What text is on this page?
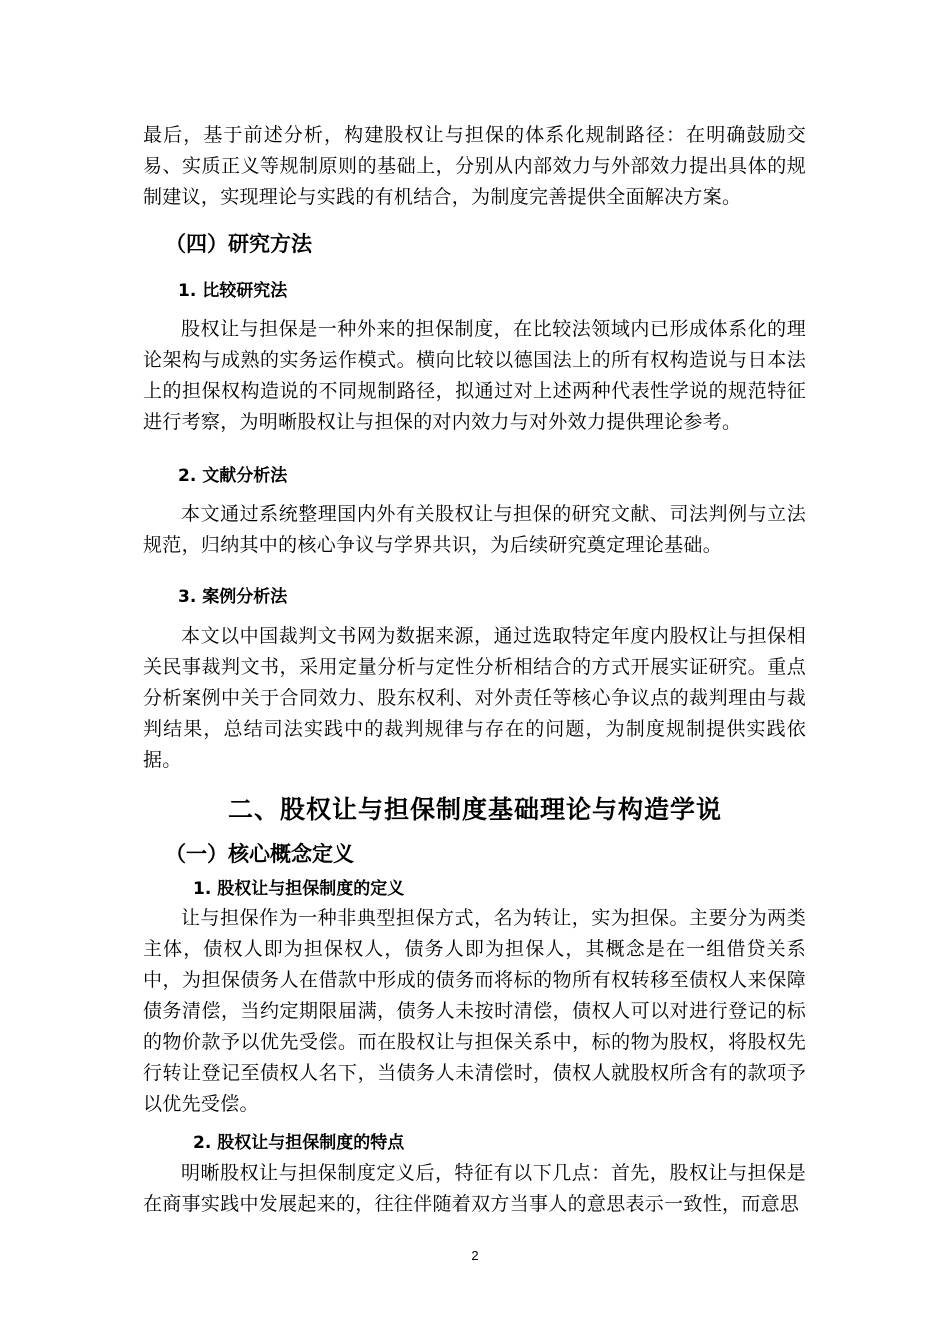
最后，基于前述分析，构建股权让与担保的体系化规制路径：在明确鼓励交易、实质正义等规制原则的基础上，分别从内部效力与外部效力提出具体的规制建议，实现理论与实践的有机结合，为制度完善提供全面解决方案。

（四）研究方法
1. 比较研究法

股权让与担保是一种外来的担保制度，在比较法领域内已形成体系化的理论架构与成熟的实务运作模式。横向比较以德国法上的所有权构造说与日本法上的担保权构造说的不同规制路径，拟通过对上述两种代表性学说的规范特征进行考察，为明晰股权让与担保的对内效力与对外效力提供理论参考。

2. 文献分析法

本文通过系统整理国内外有关股权让与担保的研究文献、司法判例与立法规范，归纳其中的核心争议与学界共识，为后续研究奠定理论基础。

3. 案例分析法

本文以中国裁判文书网为数据来源，通过选取特定年度内股权让与担保相关民事裁判文书，采用定量分析与定性分析相结合的方式开展实证研究。重点分析案例中关于合同效力、股东权利、对外责任等核心争议点的裁判理由与裁判结果，总结司法实践中的裁判规律与存在的问题，为制度规制提供实践依据。

二、股权让与担保制度基础理论与构造学说
（一）核心概念定义
1. 股权让与担保制度的定义

让与担保作为一种非典型担保方式，名为转让，实为担保。主要分为两类主体，债权人即为担保权人，债务人即为担保人，其概念是在一组借贷关系中，为担保债务人在借款中形成的债务而将标的物所有权转移至债权人来保障债务清偿，当约定期限届满，债务人未按时清偿，债权人可以对进行登记的标的物价款予以优先受偿。而在股权让与担保关系中，标的物为股权，将股权先行转让登记至债权人名下，当债务人未清偿时，债权人就股权所含有的款项予以优先受偿。

2. 股权让与担保制度的特点

明晰股权让与担保制度定义后，特征有以下几点：首先，股权让与担保是在商事实践中发展起来的，往往伴随着双方当事人的意思表示一致性，而意思

2
